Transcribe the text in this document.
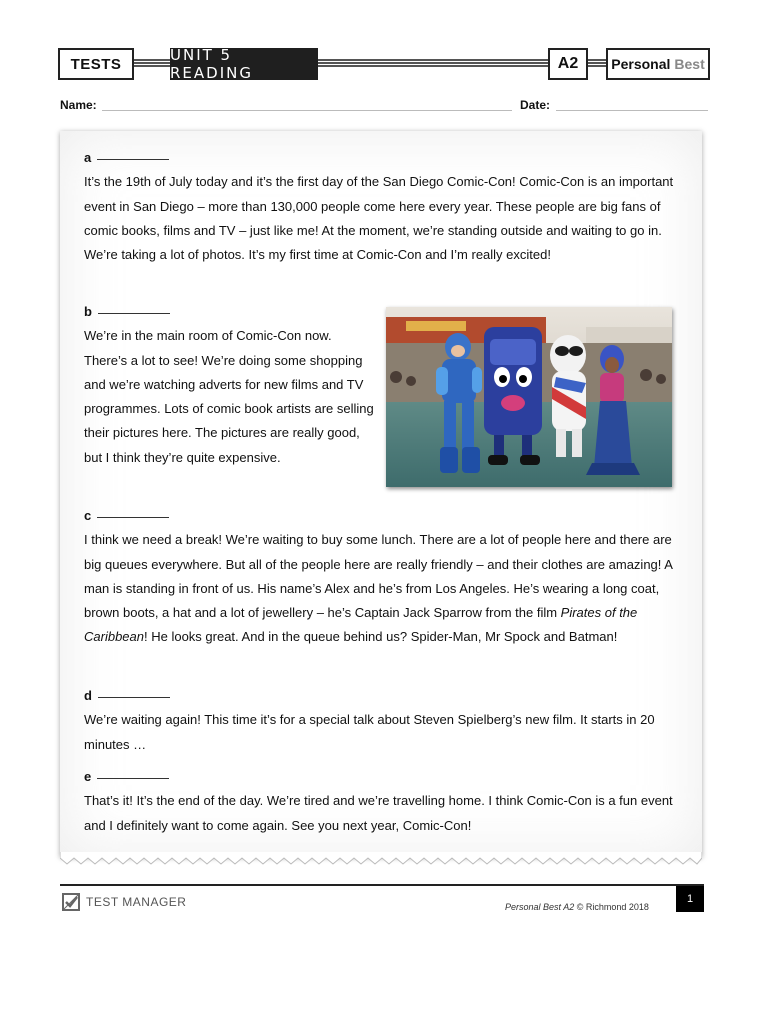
TESTS	UNIT 5 READING
A2	Personal Best
Name:	Date:
a

It’s the 19th of July today and it’s the first day of the San Diego Comic-Con! Comic-Con is an important event in San Diego – more than 130,000 people come here every year. These people are big fans of comic books, films and TV – just like me! At the moment, we’re standing outside and waiting to go in. We’re taking a lot of photos. It’s my first time at Comic-Con and I’m really excited!

b

We’re in the main room of Comic-Con now. There’s a lot to see! We’re doing some shopping and we’re watching adverts for new films and TV programmes. Lots of comic book artists are selling their pictures here. The pictures are really good, but I think they’re quite expensive.

c

I think we need a break! We’re waiting to buy some lunch. There are a lot of people here and there are big queues everywhere. But all of the people here are really friendly – and their clothes are amazing! A man is standing in front of us. His name’s Alex and he’s from Los Angeles. He’s wearing a long coat, brown boots, a hat and a lot of jewellery – he’s Captain Jack Sparrow from the film Pirates of the Caribbean! He looks great. And in the queue behind us? Spider-Man, Mr Spock and Batman!

d

We’re waiting again! This time it’s for a special talk about Steven Spielberg’s new film. It starts in 20 minutes …

e

That’s it! It’s the end of the day. We’re tired and we’re travelling home. I think Comic-Con is a fun event and I definitely want to come again. See you next year, Comic-Con!

TEST MANAGER	Personal Best A2 © Richmond 2018
1
